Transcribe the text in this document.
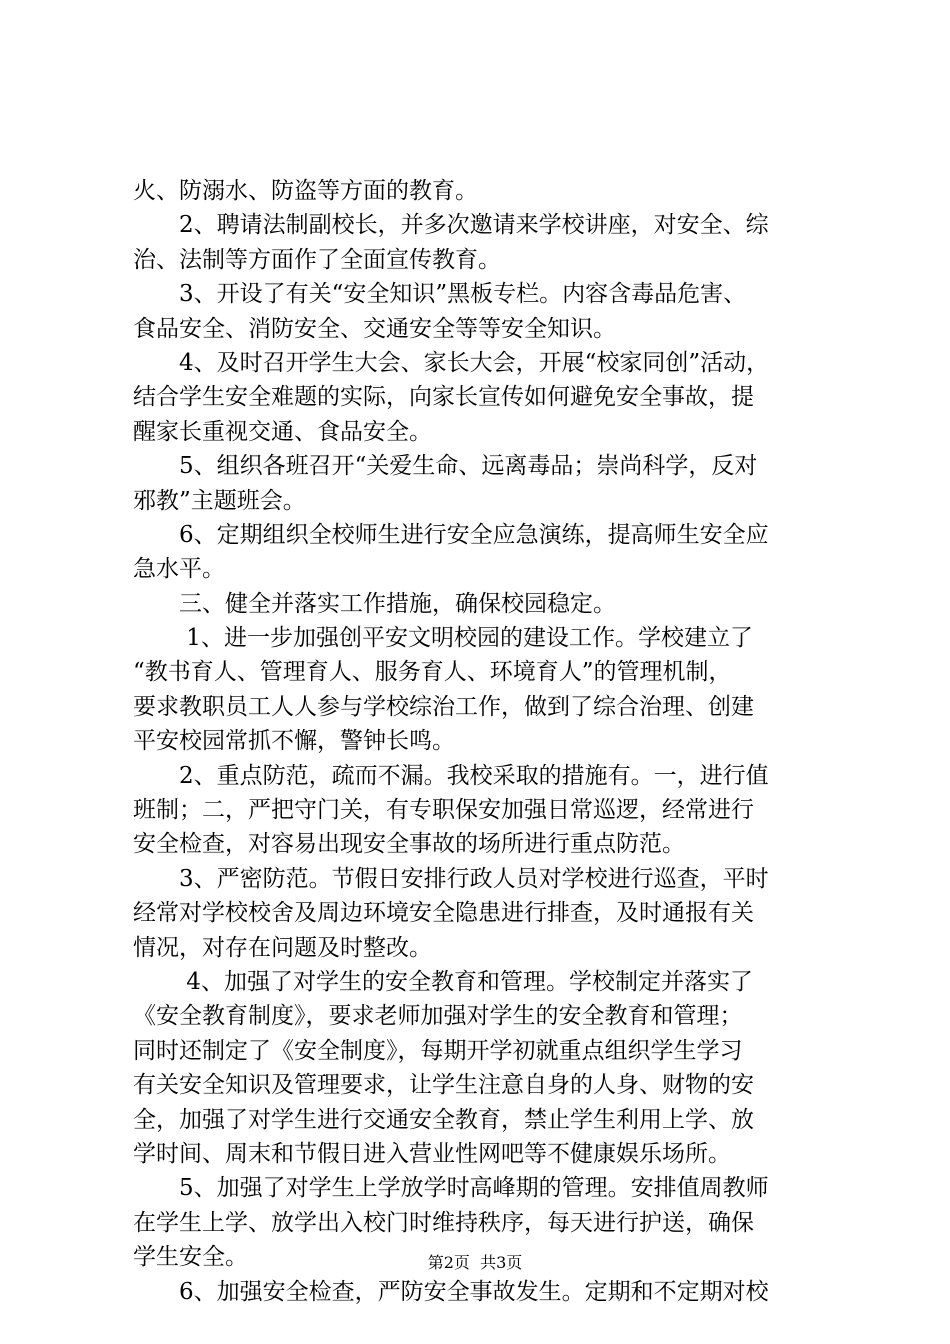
火、防溺水、防盗等方面的教育。
　　2、聘请法制副校长，并多次邀请来学校讲座，对安全、综
治、法制等方面作了全面宣传教育。
　　3、开设了有关“安全知识”黑板专栏。内容含毒品危害、
食品安全、消防安全、交通安全等等安全知识。
　　4、及时召开学生大会、家长大会，开展“校家同创”活动，
结合学生安全难题的实际，向家长宣传如何避免安全事故，提
醒家长重视交通、食品安全。
　　5、组织各班召开“关爱生命、远离毒品；崇尚科学，反对
邪教”主题班会。
　　6、定期组织全校师生进行安全应急演练，提高师生安全应
急水平。
　　三、健全并落实工作措施，确保校园稳定。
　　 1、进一步加强创平安文明校园的建设工作。学校建立了
“教书育人、管理育人、服务育人、环境育人”的管理机制，
要求教职员工人人参与学校综治工作，做到了综合治理、创建
平安校园常抓不懈，警钟长鸣。
　　2、重点防范，疏而不漏。我校采取的措施有。一，进行值
班制；二，严把守门关，有专职保安加强日常巡逻，经常进行
安全检查，对容易出现安全事故的场所进行重点防范。
　　3、严密防范。节假日安排行政人员对学校进行巡查，平时
经常对学校校舍及周边环境安全隐患进行排查，及时通报有关
情况，对存在问题及时整改。
　　 4、加强了对学生的安全教育和管理。学校制定并落实了
《安全教育制度》，要求老师加强对学生的安全教育和管理；
同时还制定了《安全制度》，每期开学初就重点组织学生学习
有关安全知识及管理要求，让学生注意自身的人身、财物的安
全，加强了对学生进行交通安全教育，禁止学生利用上学、放
学时间、周末和节假日进入营业性网吧等不健康娱乐场所。
　　5、加强了对学生上学放学时高峰期的管理。安排值周教师
在学生上学、放学出入校门时维持秩序，每天进行护送，确保
学生安全。
　　6、加强安全检查，严防安全事故发生。定期和不定期对校
第2页  共3页
